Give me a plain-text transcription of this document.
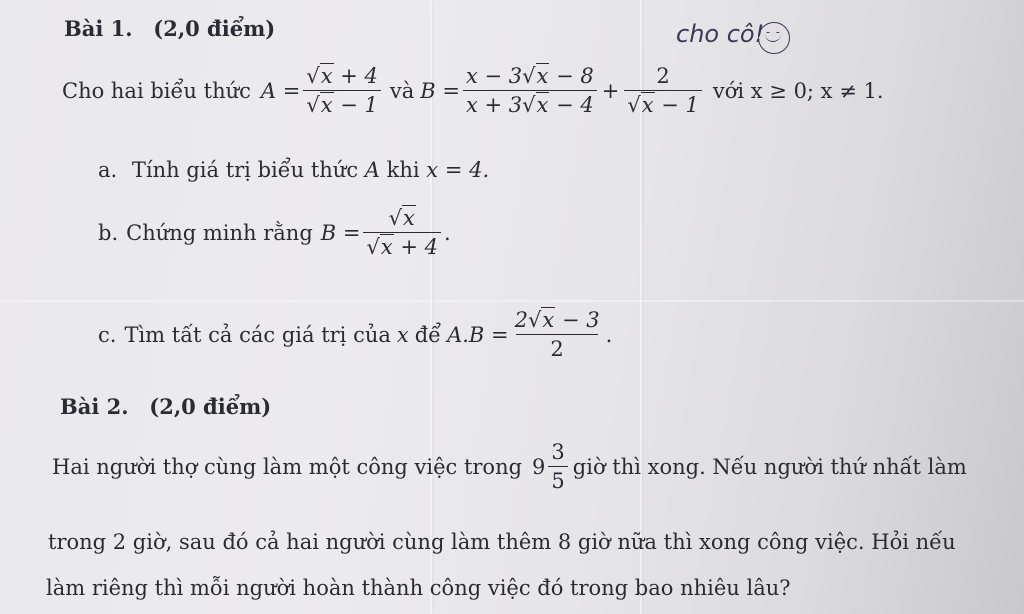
cho cô!
- -
Bài 1. (2,0 điểm)
Cho hai biểu thức $A = \frac{√x + 4}{√x - 1}$ và $B = \frac{x - 3√x - 8}{x + 3√x - 4} + \frac{2}{√x - 1}$ với x ≥ 0; x ≠ 1.
a. Tính giá trị biểu thức A khi x = 4.
b. Chứng minh rằng $B = \frac{√x}{√x + 4}$ .
c. Tìm tất cả các giá trị của x để $A.B = \frac{2√x - 3}{2}$ .
Bài 2. (2,0 điểm)
Hai người thợ cùng làm một công việc trong $9 \frac{3}{5}$ giờ thì xong. Nếu người thứ nhất làm
trong 2 giờ, sau đó cả hai người cùng làm thêm 8 giờ nữa thì xong công việc. Hỏi nếu
làm riêng thì mỗi người hoàn thành công việc đó trong bao nhiêu lâu?
